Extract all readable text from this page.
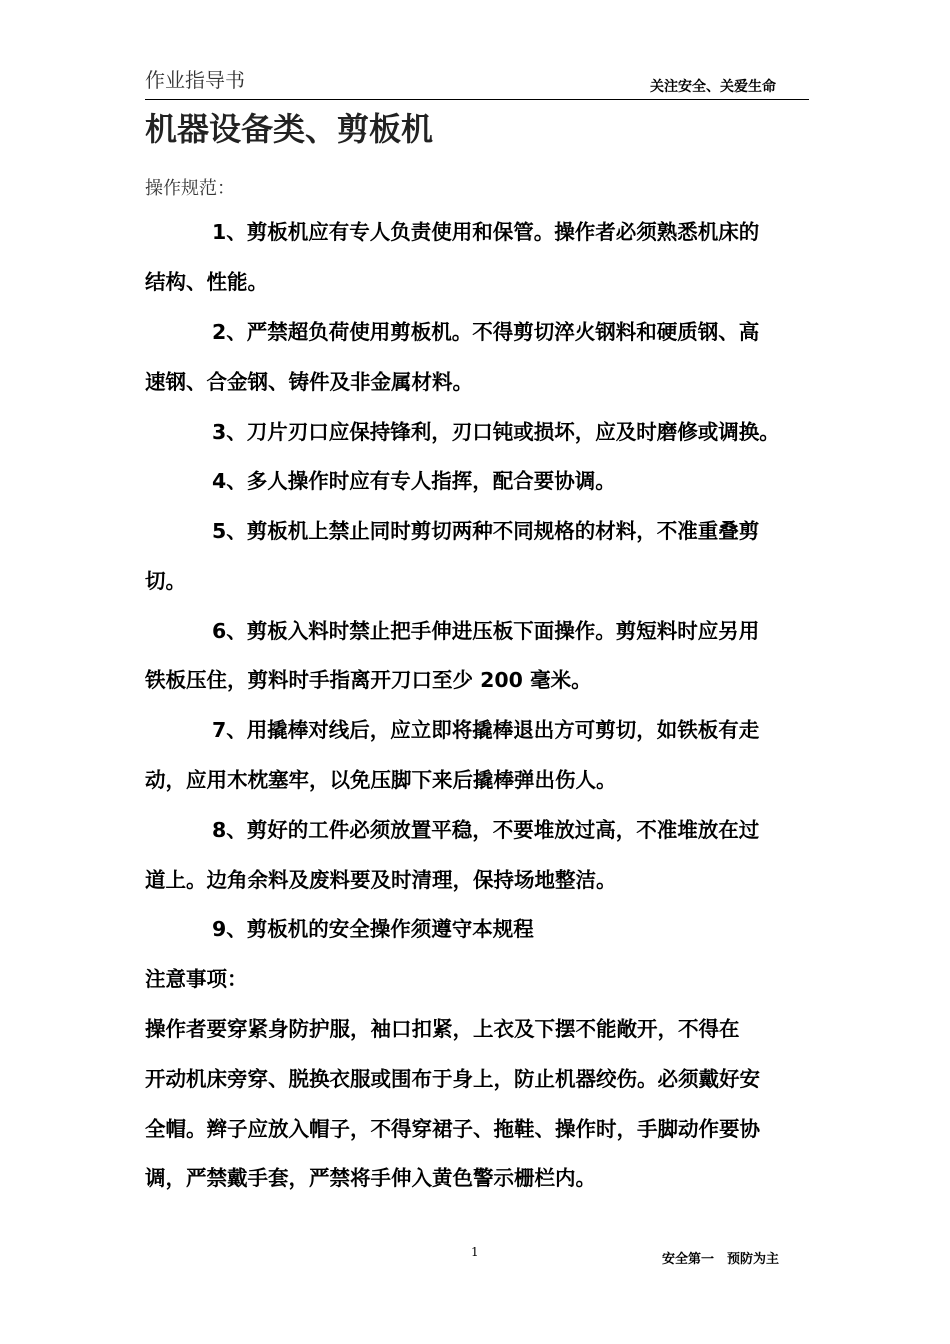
作业指导书	关注安全、关爱生命

机器设备类、剪板机

操作规范：

1、剪板机应有专人负责使用和保管。操作者必须熟悉机床的

结构、性能。

2、严禁超负荷使用剪板机。不得剪切淬火钢料和硬质钢、高

速钢、合金钢、铸件及非金属材料。

3、刀片刃口应保持锋利，刃口钝或损坏，应及时磨修或调换。

4、多人操作时应有专人指挥，配合要协调。

5、剪板机上禁止同时剪切两种不同规格的材料，不准重叠剪

切。

6、剪板入料时禁止把手伸进压板下面操作。剪短料时应另用

铁板压住，剪料时手指离开刀口至少 200 毫米。

7、用撬棒对线后，应立即将撬棒退出方可剪切，如铁板有走

动，应用木枕塞牢，以免压脚下来后撬棒弹出伤人。

8、剪好的工件必须放置平稳，不要堆放过高，不准堆放在过

道上。边角余料及废料要及时清理，保持场地整洁。

9、剪板机的安全操作须遵守本规程

注意事项：

操作者要穿紧身防护服，袖口扣紧，上衣及下摆不能敞开，不得在

开动机床旁穿、脱换衣服或围布于身上，防止机器绞伤。必须戴好安

全帽。辫子应放入帽子，不得穿裙子、拖鞋、操作时，手脚动作要协

调，严禁戴手套，严禁将手伸入黄色警示栅栏内。

1	安全第一　预防为主
